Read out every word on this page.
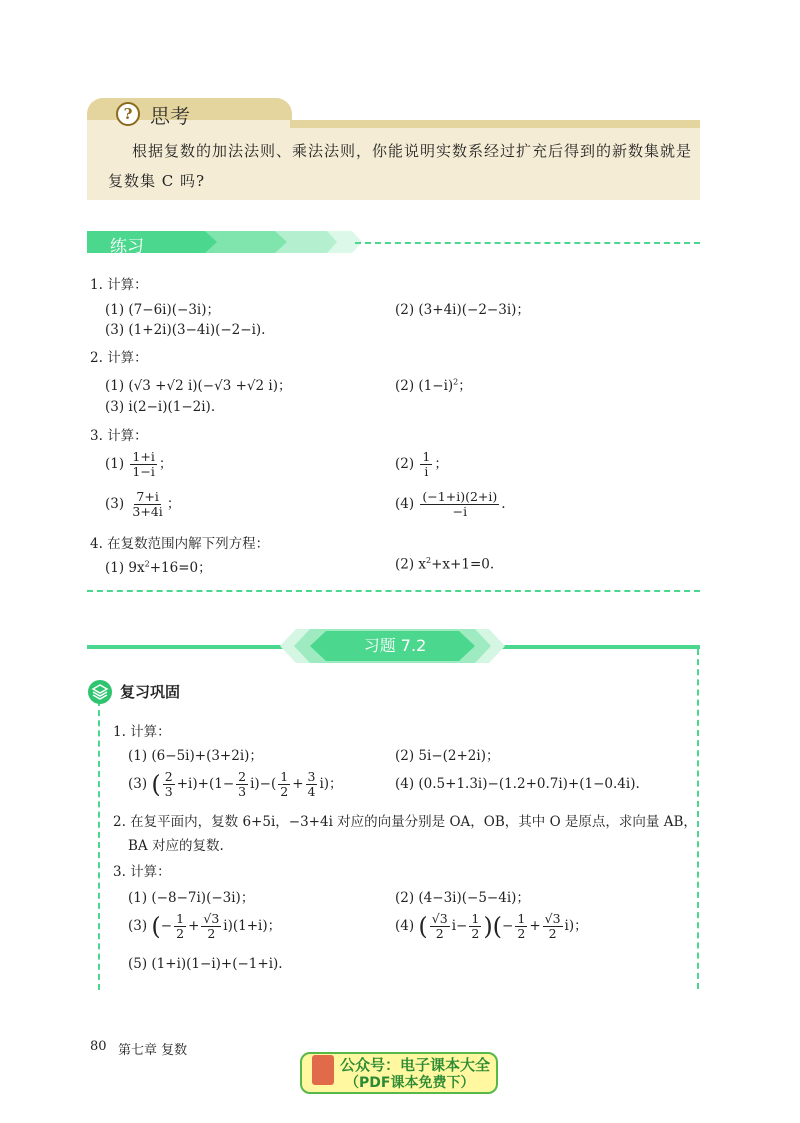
? 思考
根据复数的加法法则、乘法法则，你能说明实数系经过扩充后得到的新数集就是
复数集 C 吗?
练习
1. 计算：
(1) (7−6i)(−3i)；	(2) (3+4i)(−2−3i)；
(3) (1+2i)(3−4i)(−2−i).
2. 计算：
(1) (√3 +√2 i)(−√3 +√2 i)；	(2) $(1-i)^2$；
(3) i(2−i)(1−2i).
3. 计算：
$(1) \frac{1+i}{1-i}$ ；	$(2) \frac{1}{i}$ ；
$(3) \frac{7+i}{3+4i}$ ；	$(4) \frac{(-1+i)(2+i)}{-i}$ .
4. 在复数范围内解下列方程：
(1) $9x^2+16=0$；	(2) $x^2+x+1=0$.
习题 7.2
复习巩固
1. 计算：
(1) (6−5i)+(3+2i)；	(2) 5i−(2+2i)；
(3) ( $\frac{2}{3} +i)+(1- \frac{2}{3} i)-( \frac{1}{2} + \frac{3}{4} i)$；	(4) (0.5+1.3i)−(1.2+0.7i)+(1−0.4i).
2. 在复平面内，复数 6+5i，−3+4i 对应的向量分别是 OA，OB，其中 O 是原点，求向量 AB，
BA 对应的复数.
3. 计算：
(1) (−8−7i)(−3i)；	(2) (4−3i)(−5−4i)；
(3) (− $\frac{1}{2} + \frac{√3}{2} i)(1+i)$；	(4) ( $\frac{√3}{2} i- \frac{1}{2}$ )(− $\frac{1}{2} + \frac{√3}{2} i$)；
(5) (1+i)(1−i)+(−1+i).
80 第七章 复数
公众号：电子课本大全
（PDF课本免费下）
